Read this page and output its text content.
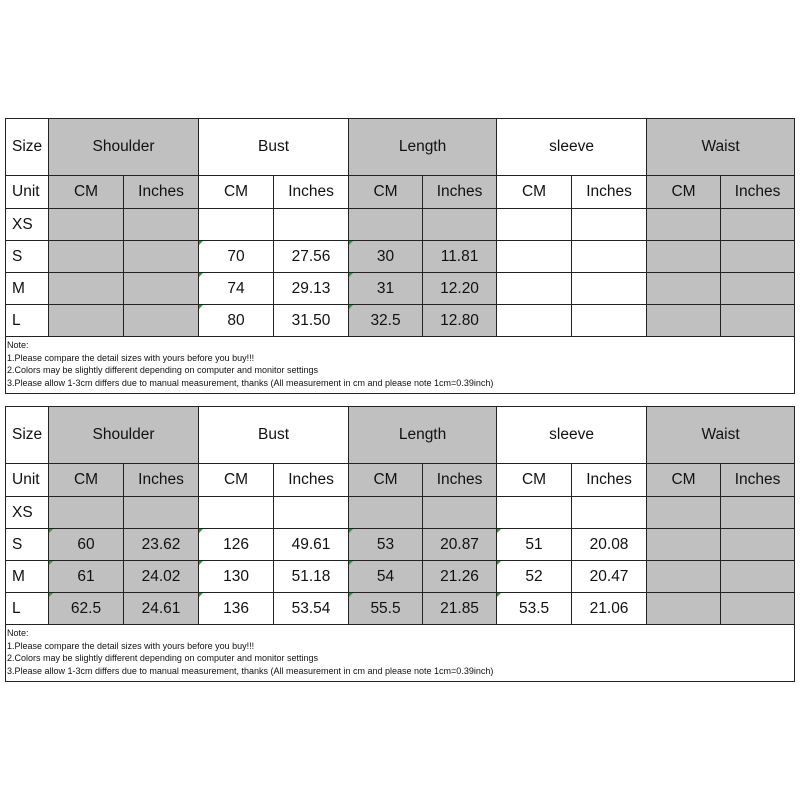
Size	Shoulder		Bust		Length		sleeve		Waist	
Unit	CM	Inches	CM	Inches	CM	Inches	CM	Inches	CM	Inches
XS										
S			70	27.56	30	11.81				
M			74	29.13	31	12.20				
L			80	31.50	32.5	12.80				
Note:
1.Please compare the detail sizes with yours before you buy!!!
2.Colors may be slightly different depending on computer and monitor settings
3.Please allow 1-3cm differs due to manual measurement, thanks (All measurement in cm and please note 1cm=0.39inch)
Size	Shoulder		Bust		Length		sleeve		Waist	
Unit	CM	Inches	CM	Inches	CM	Inches	CM	Inches	CM	Inches
XS										
S	60	23.62	126	49.61	53	20.87	51	20.08		
M	61	24.02	130	51.18	54	21.26	52	20.47		
L	62.5	24.61	136	53.54	55.5	21.85	53.5	21.06		
Note:
1.Please compare the detail sizes with yours before you buy!!!
2.Colors may be slightly different depending on computer and monitor settings
3.Please allow 1-3cm differs due to manual measurement, thanks (All measurement in cm and please note 1cm=0.39inch)
